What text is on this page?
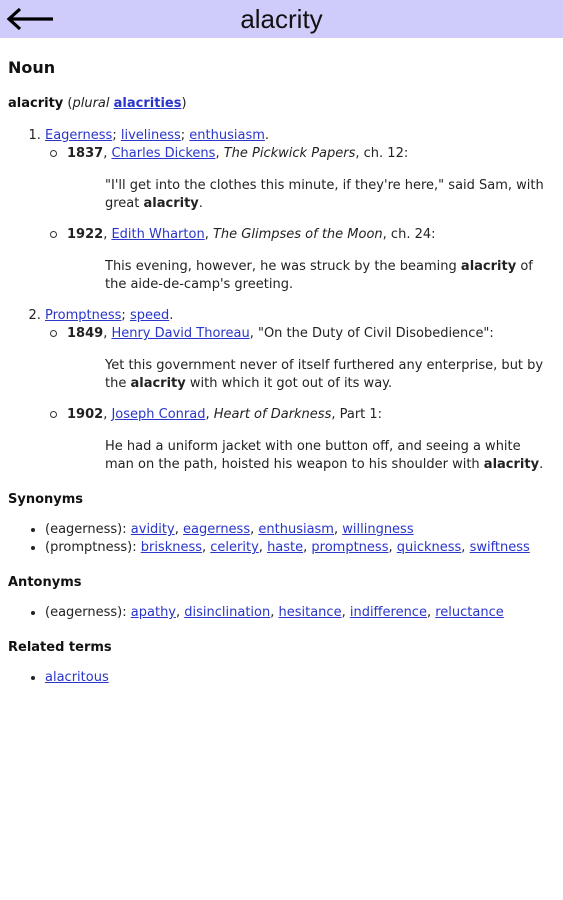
alacrity
Noun
alacrity (plural alacrities)
1. Eagerness; liveliness; enthusiasm.
1837, Charles Dickens, The Pickwick Papers, ch. 12:
"I'll get into the clothes this minute, if they're here," said Sam, with great alacrity.
1922, Edith Wharton, The Glimpses of the Moon, ch. 24:
This evening, however, he was struck by the beaming alacrity of the aide-de-camp's greeting.
2. Promptness; speed.
1849, Henry David Thoreau, "On the Duty of Civil Disobedience":
Yet this government never of itself furthered any enterprise, but by the alacrity with which it got out of its way.
1902, Joseph Conrad, Heart of Darkness, Part 1:
He had a uniform jacket with one button off, and seeing a white man on the path, hoisted his weapon to his shoulder with alacrity.
Synonyms
• (eagerness): avidity, eagerness, enthusiasm, willingness
• (promptness): briskness, celerity, haste, promptness, quickness, swiftness
Antonyms
• (eagerness): apathy, disinclination, hesitance, indifference, reluctance
Related terms
• alacritous
